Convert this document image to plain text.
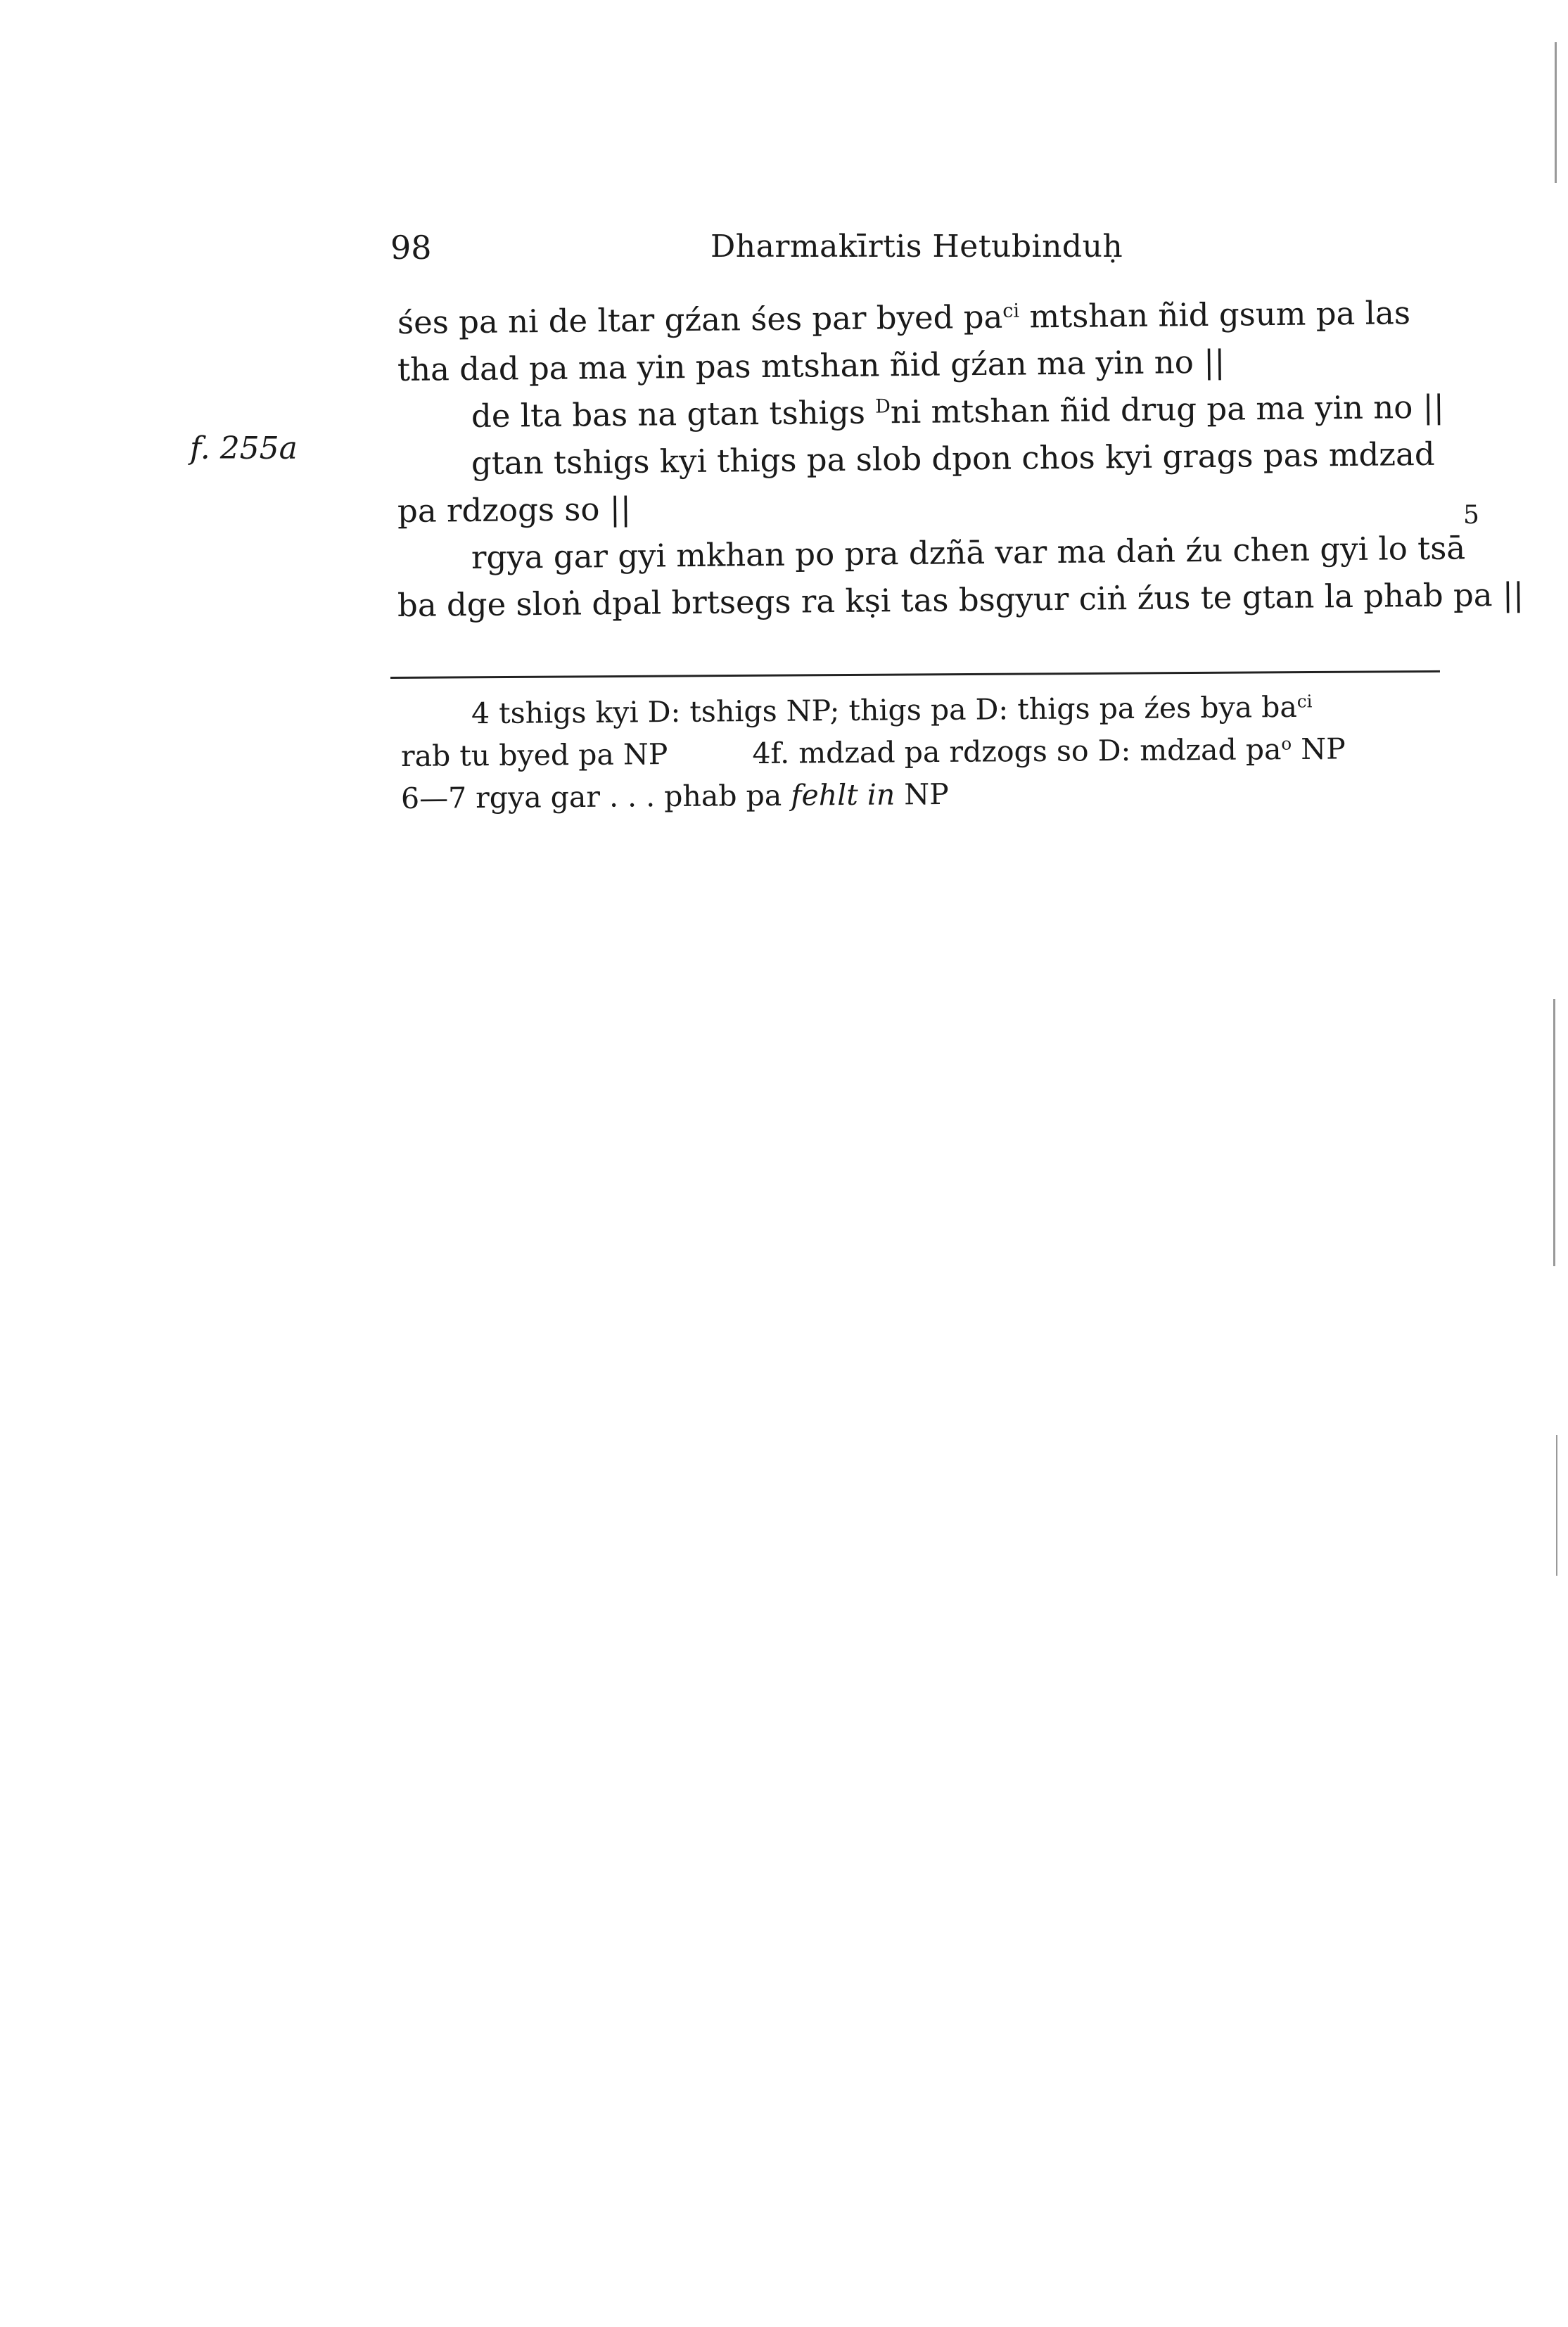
98	Dharmakīrtis Hetubinduḥ
f. 255a
5
śes pa ni de ltar gźan śes par byed $pa^{ci}$ mtshan ñid gsum pa las
tha dad pa ma yin pas mtshan ñid gźan ma yin no ||
de lta bas na gtan tshigs $^D$ni mtshan ñid drug pa ma yin no ||
gtan tshigs kyi thigs pa slob dpon chos kyi grags pas mdzad
pa rdzogs so ||
rgya gar gyi mkhan po pra dzñā var ma daṅ źu chen gyi lo tsā
ba dge sloṅ dpal brtsegs ra kṣi tas bsgyur ciṅ źus te gtan la phab pa ||
4 tshigs kyi D: tshigs NP; thigs pa D: thigs pa źes bya $ba^{ci}$
rab tu byed pa NP	4f. mdzad pa rdzogs so D: mdzad $pa^o$ NP
6—7 rgya gar . . . phab pa fehlt in NP
